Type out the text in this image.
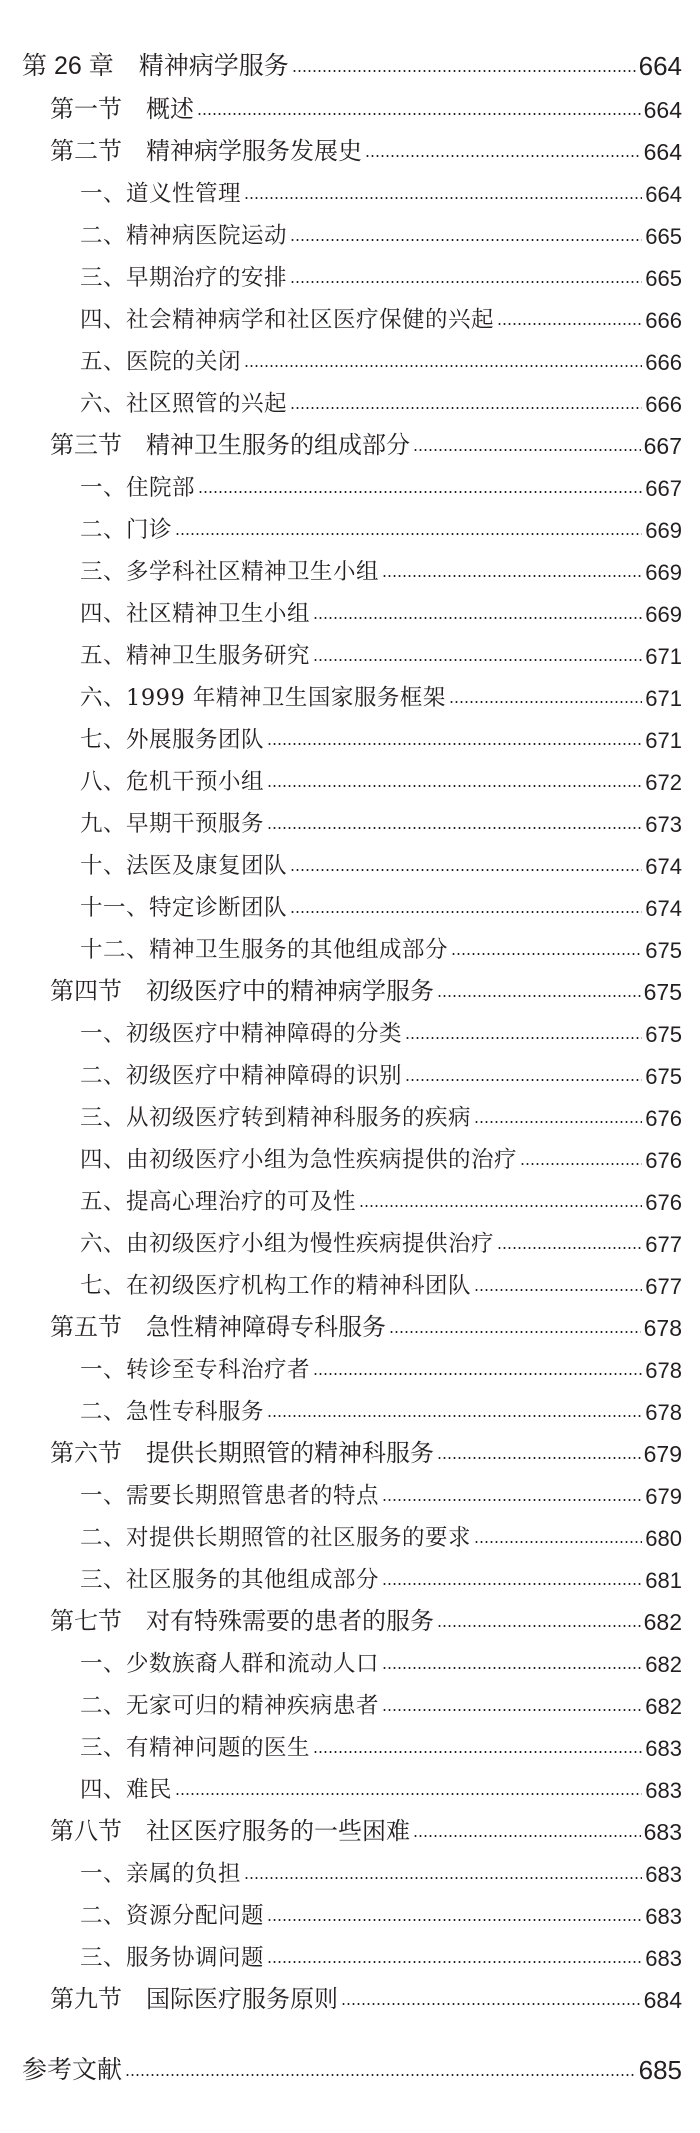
第 26 章　精神病学服务	664
第一节　概述	664
第二节　精神病学服务发展史	664
一、道义性管理	664
二、精神病医院运动	665
三、早期治疗的安排	665
四、社会精神病学和社区医疗保健的兴起	666
五、医院的关闭	666
六、社区照管的兴起	666
第三节　精神卫生服务的组成部分	667
一、住院部	667
二、门诊	669
三、多学科社区精神卫生小组	669
四、社区精神卫生小组	669
五、精神卫生服务研究	671
六、1999 年精神卫生国家服务框架	671
七、外展服务团队	671
八、危机干预小组	672
九、早期干预服务	673
十、法医及康复团队	674
十一、特定诊断团队	674
十二、精神卫生服务的其他组成部分	675
第四节　初级医疗中的精神病学服务	675
一、初级医疗中精神障碍的分类	675
二、初级医疗中精神障碍的识别	675
三、从初级医疗转到精神科服务的疾病	676
四、由初级医疗小组为急性疾病提供的治疗	676
五、提高心理治疗的可及性	676
六、由初级医疗小组为慢性疾病提供治疗	677
七、在初级医疗机构工作的精神科团队	677
第五节　急性精神障碍专科服务	678
一、转诊至专科治疗者	678
二、急性专科服务	678
第六节　提供长期照管的精神科服务	679
一、需要长期照管患者的特点	679
二、对提供长期照管的社区服务的要求	680
三、社区服务的其他组成部分	681
第七节　对有特殊需要的患者的服务	682
一、少数族裔人群和流动人口	682
二、无家可归的精神疾病患者	682
三、有精神问题的医生	683
四、难民	683
第八节　社区医疗服务的一些困难	683
一、亲属的负担	683
二、资源分配问题	683
三、服务协调问题	683
第九节　国际医疗服务原则	684
参考文献	685
